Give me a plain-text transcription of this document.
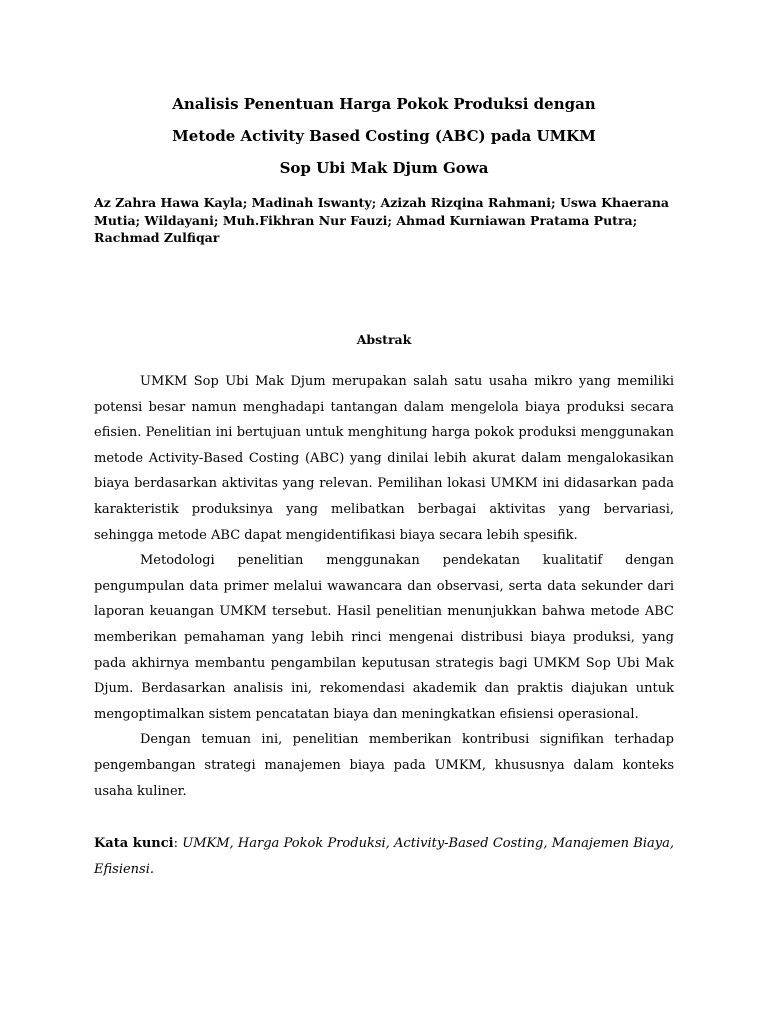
Analisis Penentuan Harga Pokok Produksi dengan
Metode Activity Based Costing (ABC) pada UMKM
Sop Ubi Mak Djum Gowa
Az Zahra Hawa Kayla; Madinah Iswanty; Azizah Rizqina Rahmani; Uswa Khaerana Mutia; Wildayani; Muh.Fikhran Nur Fauzi; Ahmad Kurniawan Pratama Putra; Rachmad Zulfiqar
Abstrak

UMKM Sop Ubi Mak Djum merupakan salah satu usaha mikro yang memiliki potensi besar namun menghadapi tantangan dalam mengelola biaya produksi secara efisien. Penelitian ini bertujuan untuk menghitung harga pokok produksi menggunakan metode Activity-Based Costing (ABC) yang dinilai lebih akurat dalam mengalokasikan biaya berdasarkan aktivitas yang relevan. Pemilihan lokasi UMKM ini didasarkan pada karakteristik produksinya yang melibatkan berbagai aktivitas yang bervariasi, sehingga metode ABC dapat mengidentifikasi biaya secara lebih spesifik.

Metodologi penelitian menggunakan pendekatan kualitatif dengan pengumpulan data primer melalui wawancara dan observasi, serta data sekunder dari laporan keuangan UMKM tersebut. Hasil penelitian menunjukkan bahwa metode ABC memberikan pemahaman yang lebih rinci mengenai distribusi biaya produksi, yang pada akhirnya membantu pengambilan keputusan strategis bagi UMKM Sop Ubi Mak Djum. Berdasarkan analisis ini, rekomendasi akademik dan praktis diajukan untuk mengoptimalkan sistem pencatatan biaya dan meningkatkan efisiensi operasional.

Dengan temuan ini, penelitian memberikan kontribusi signifikan terhadap pengembangan strategi manajemen biaya pada UMKM, khususnya dalam konteks usaha kuliner.

Kata kunci: UMKM, Harga Pokok Produksi, Activity-Based Costing, Manajemen Biaya, Efisiensi.
